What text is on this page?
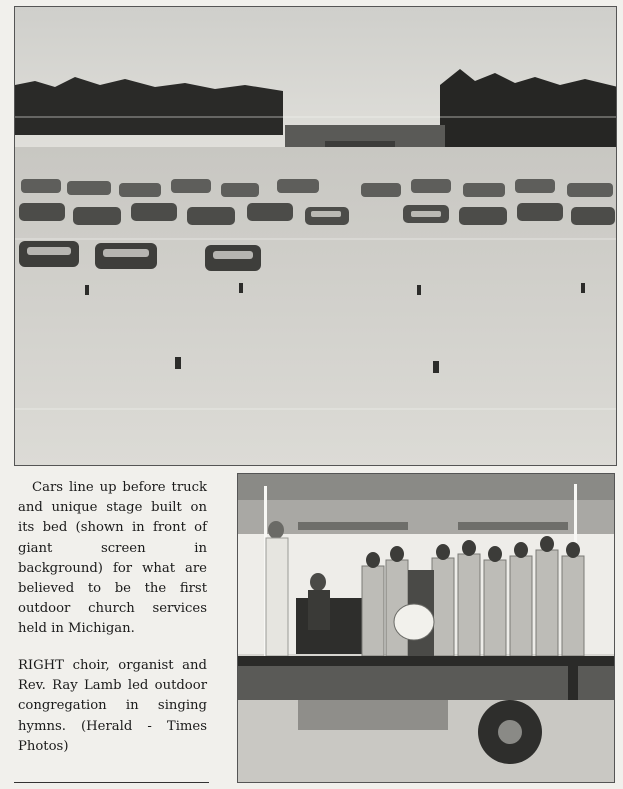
Cars line up before truck and unique stage built on its bed (shown in front of giant screen in background) for what are believed to be the first outdoor church services held in Michigan.

RIGHT choir, organist and Rev. Ray Lamb led outdoor congregation in singing hymns. (Herald - Times Photos)
